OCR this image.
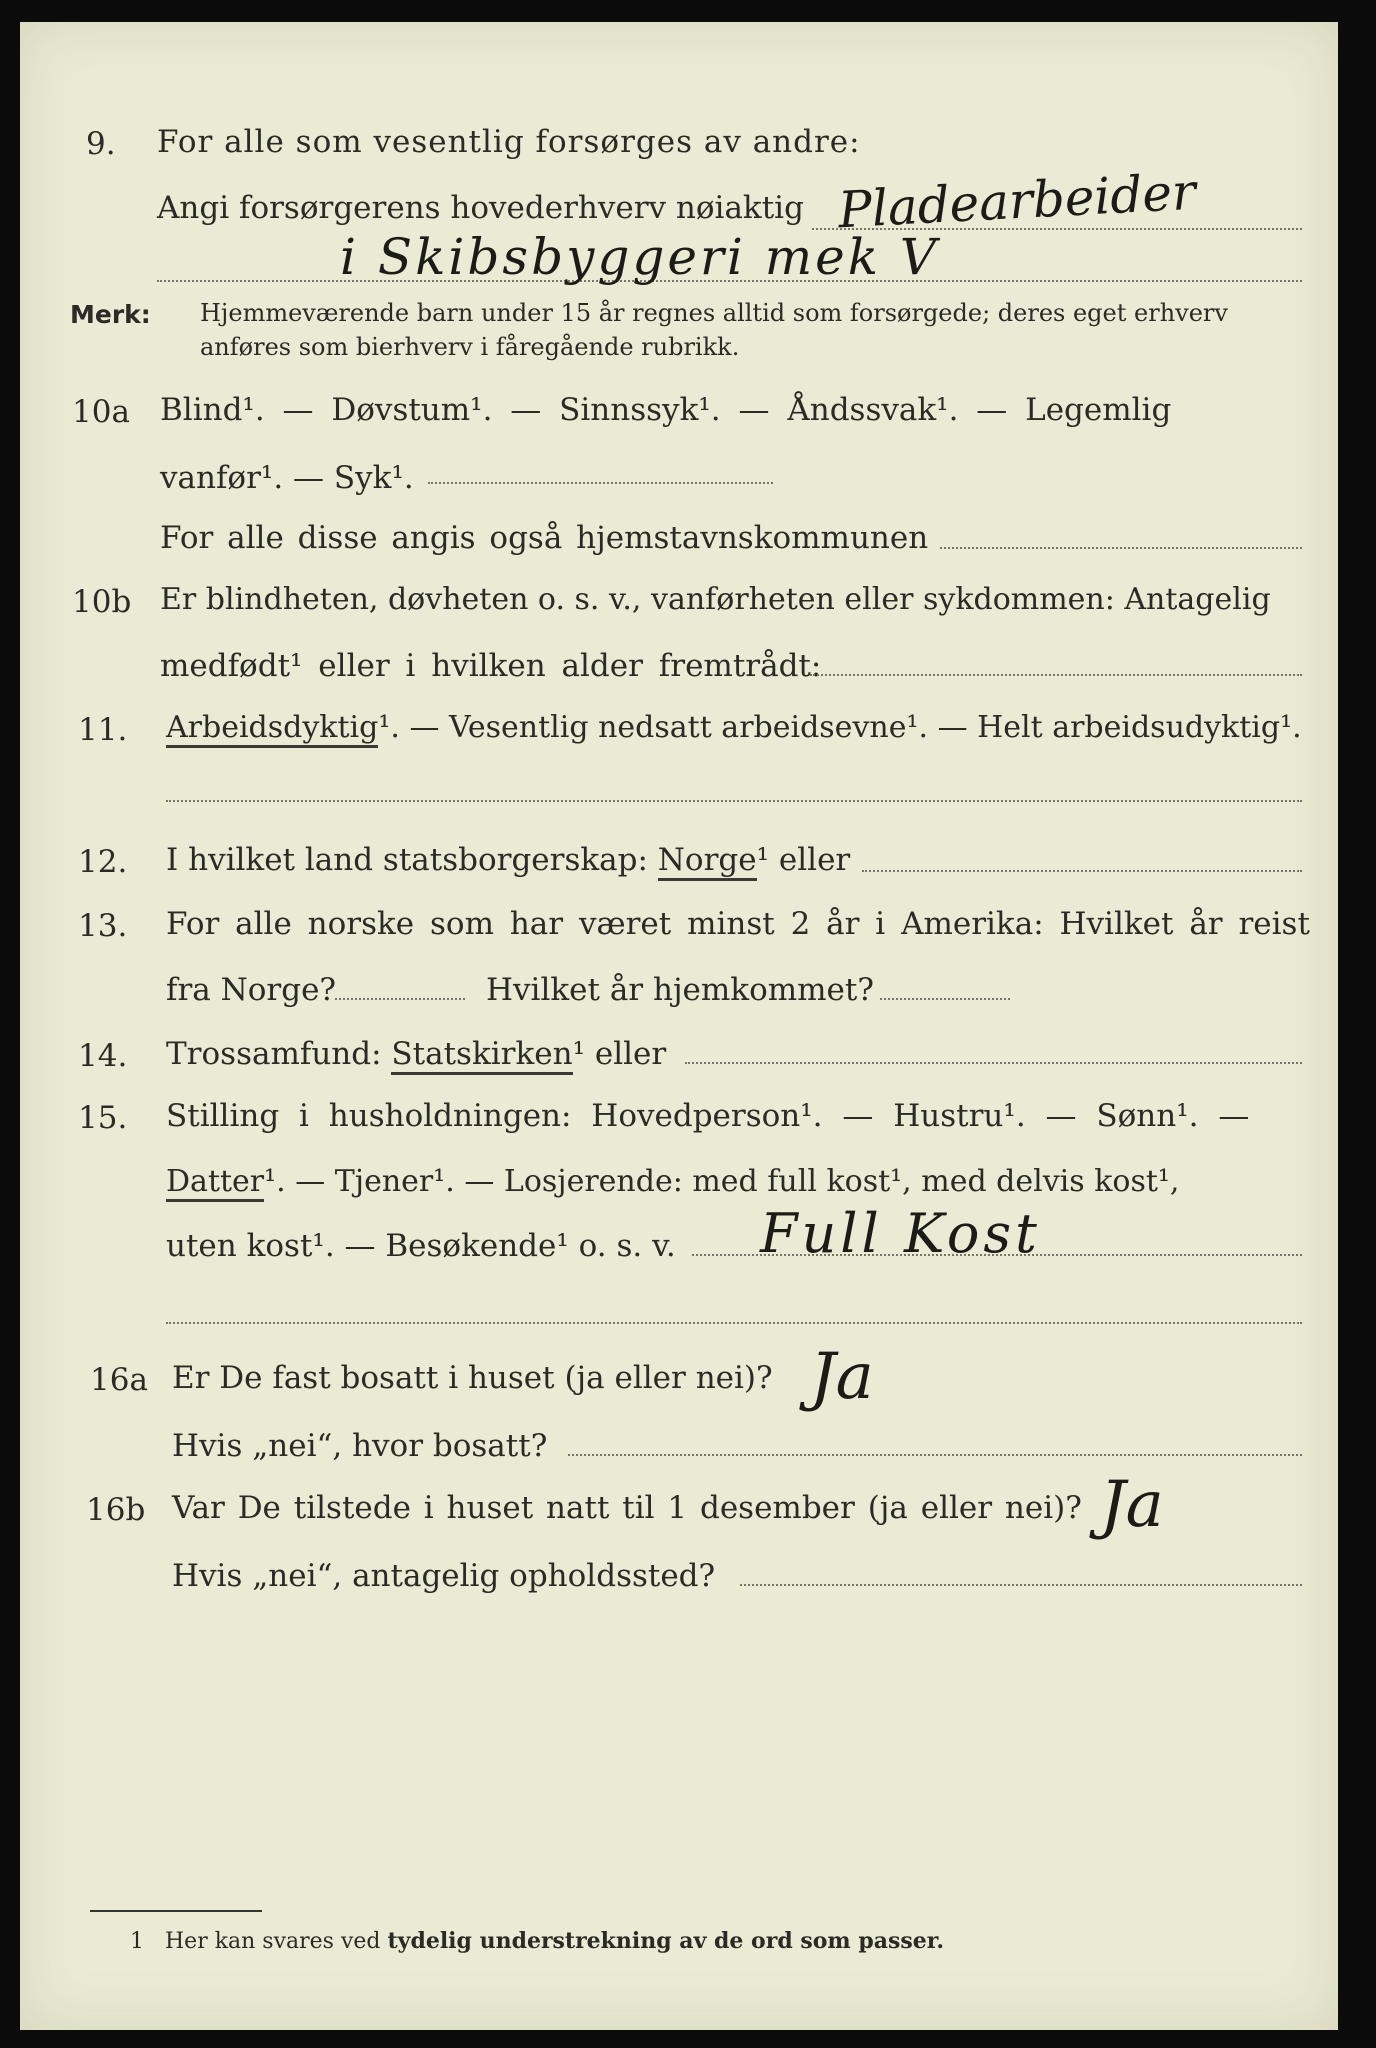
9. For alle som vesentlig forsørges av andre:
Angi forsørgerens hovederhverv nøiaktig Pladearbeider
i Skibsbyggeri mek V
Merk: Hjemmeværende barn under 15 år regnes alltid som forsørgede; deres eget erhverv anføres som bierhverv i fåregående rubrikk.
10a Blind¹. — Døvstum¹. — Sinnssyk¹. — Åndssvak¹. — Legemlig
vanfør¹. — Syk¹.
For alle disse angis også hjemstavnskommunen
10b Er blindheten, døvheten o. s. v., vanførheten eller sykdommen: Antagelig
medfødt¹ eller i hvilken alder fremtrådt:
11. Arbeidsdyktig¹. — Vesentlig nedsatt arbeidsevne¹. — Helt arbeidsudyktig¹.
12. I hvilket land statsborgerskap: Norge¹ eller
13. For alle norske som har været minst 2 år i Amerika: Hvilket år reist
fra Norge?	Hvilket år hjemkommet?
14. Trossamfund: Statskirken¹ eller
15. Stilling i husholdningen: Hovedperson¹. — Hustru¹. — Sønn¹. —
Datter¹. — Tjener¹. — Losjerende: med full kost¹, med delvis kost¹,
uten kost¹. — Besøkende¹ o. s. v. Full Kost
16a Er De fast bosatt i huset (ja eller nei)? Ja
Hvis „nei“, hvor bosatt?
16b Var De tilstede i huset natt til 1 desember (ja eller nei)? Ja
Hvis „nei“, antagelig opholdssted?
1 Her kan svares ved tydelig understrekning av de ord som passer.
